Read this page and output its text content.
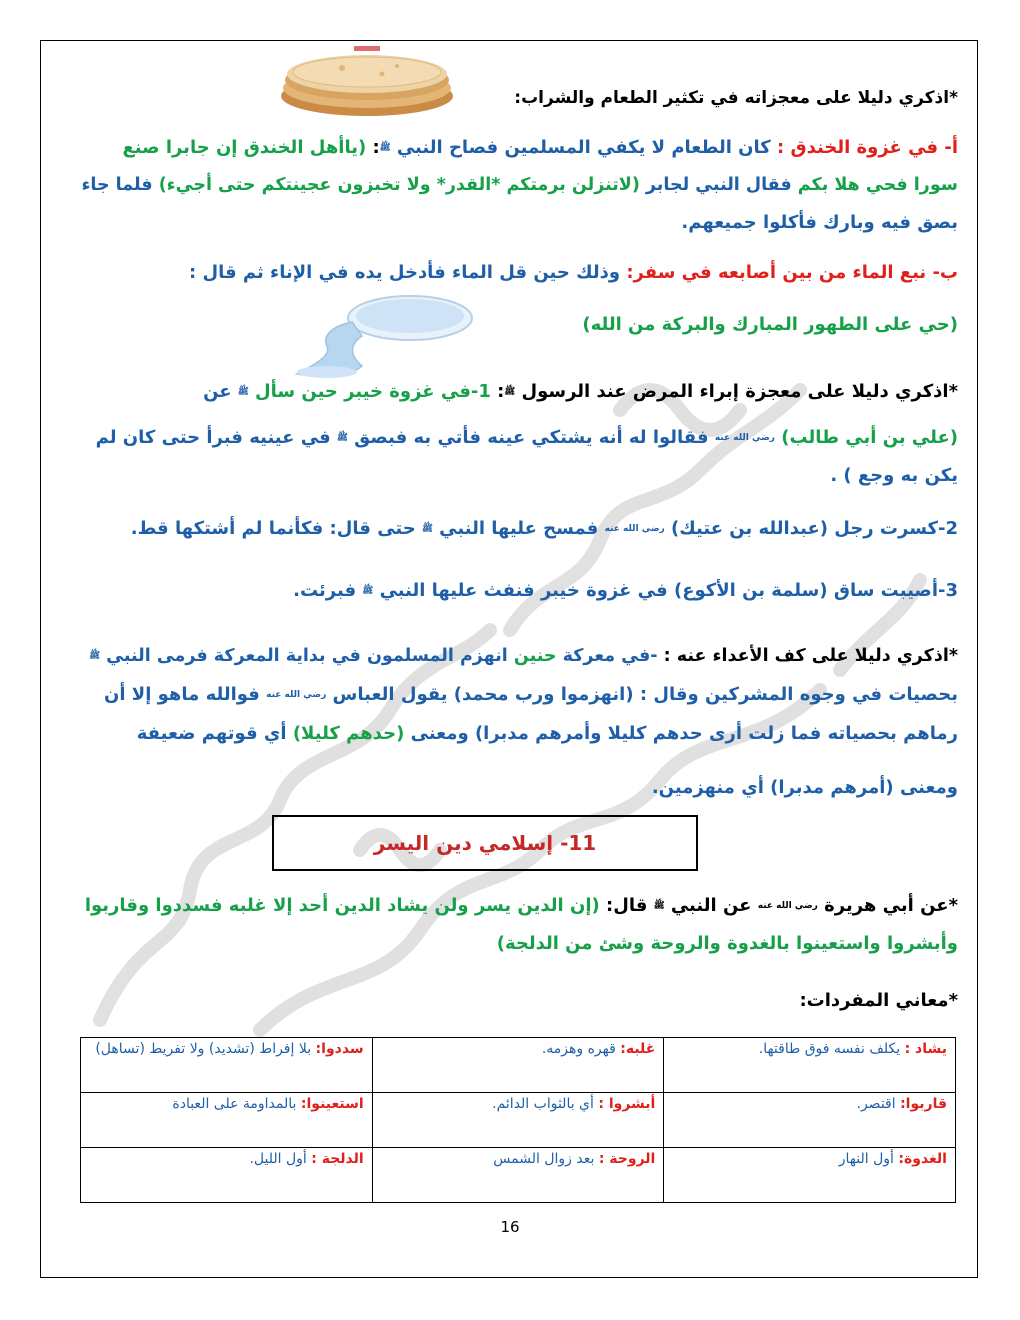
*اذكري دليلا على معجزاته في تكثير الطعام والشراب:
أ- في غزوة الخندق : كان الطعام لا يكفي المسلمين فصاح النبي ﷺ: (ياأهل الخندق إن جابرا صنع
سورا فحي هلا بكم فقال النبي لجابر (لاتنزلن برمتكم *القدر* ولا تخبزون عجينتكم حتى أجيء) فلما جاء
بصق فيه وبارك فأكلوا جميعهم.
ب- نبع الماء من بين أصابعه في سفر: وذلك حين قل الماء فأدخل يده في الإناء ثم قال :
(حي على الطهور المبارك والبركة من الله)
*اذكري دليلا على معجزة إبراء المرض عند الرسول ﷺ: 1-في غزوة خيبر حين سأل ﷺ عن
(علي بن أبي طالب) رضي الله عنه فقالوا له أنه يشتكي عينه فأتي به فبصق ﷺ في عينيه فبرأ حتى كان لم
يكن به وجع ) .
2-كسرت رجل (عبدالله بن عتيك) رضي الله عنه فمسح عليها النبي ﷺ حتى قال: فكأنما لم أشتكها قط.
3-أصيبت ساق (سلمة بن الأكوع) في غزوة خيبر فنفث عليها النبي ﷺ فبرئت.
*اذكري دليلا على كف الأعداء عنه : -في معركة حنين انهزم المسلمون في بداية المعركة فرمى النبي ﷺ
بحصيات في وجوه المشركين وقال : (انهزموا ورب محمد) يقول العباس رضي الله عنه فوالله ماهو إلا أن
رماهم بحصياته فما زلت أرى حدهم كليلا وأمرهم مدبرا) ومعنى (حدهم كليلا) أي قوتهم ضعيفة
ومعنى (أمرهم مدبرا) أي منهزمين.
11- إسلامي دين اليسر
*عن أبي هريرة رضي الله عنه عن النبي ﷺ قال: (إن الدين يسر ولن يشاد الدين أحد إلا غلبه فسددوا وقاربوا
وأبشروا واستعينوا بالغدوة والروحة وشئ من الدلجة)
*معاني المفردات:
يشاد : يكلف نفسه فوق طاقتها.	غلبه: قهره وهزمه.	سددوا: بلا إفراط (تشديد) ولا تفريط (تساهل)
قاربوا: اقتصر.	أبشروا : أي بالثواب الدائم.	استعينوا: بالمداومة على العبادة
الغدوة: أول النهار	الروحة : بعد زوال الشمس	الدلجة : أول الليل.
16
